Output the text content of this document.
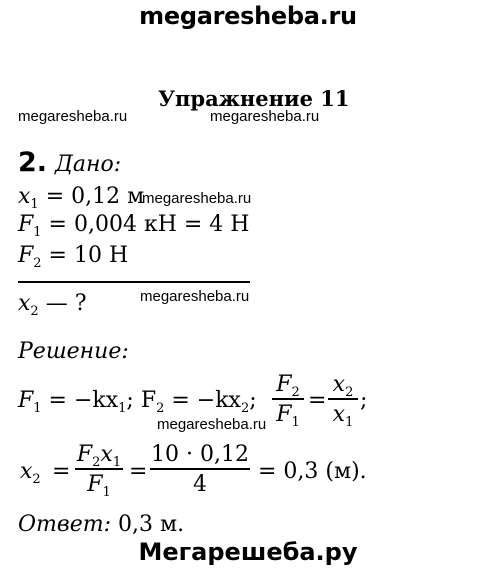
megaresheba.ru
Упражнение 11
megaresheba.ru	megaresheba.ru
2. Дано:
$x_1 = 0,12$ м
megaresheba.ru
$F_1 = 0,004$ кН = 4 Н
$F_2 = 10$ Н
$x_2$ — ?	megaresheba.ru
Решение:
$F_1 = -kx_1$; $F_2 = -kx_2$;
$F_2$
$F_1$
=
$x_2$
$x_1$
;
megaresheba.ru
$x_2$ =
$F_2x_1$
$F_1$
=
10 · 0,12
4	= 0,3 (м).
Ответ: 0,3 м.
Мегарешеба.ру
